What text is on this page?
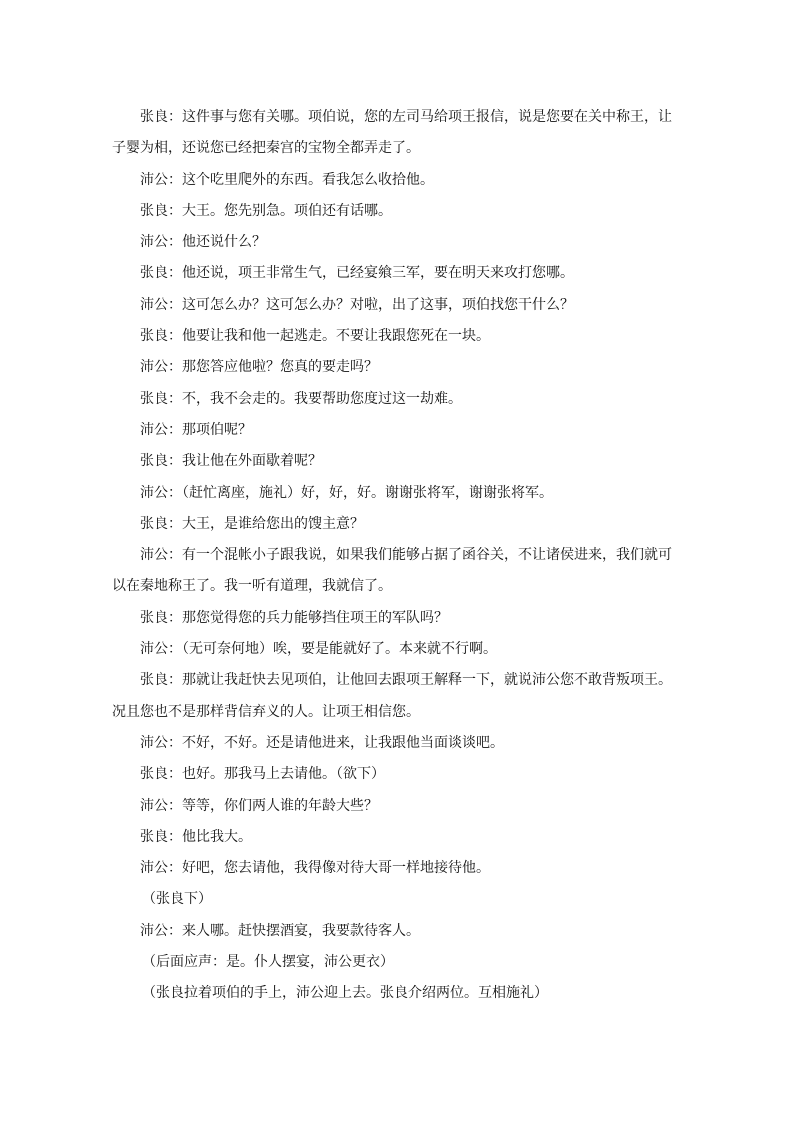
张良：这件事与您有关哪。项伯说，您的左司马给项王报信，说是您要在关中称王，让
子婴为相，还说您已经把秦宫的宝物全都弄走了。
沛公：这个吃里爬外的东西。看我怎么收拾他。
张良：大王。您先别急。项伯还有话哪。
沛公：他还说什么？
张良：他还说，项王非常生气，已经宴飨三军，要在明天来攻打您哪。
沛公：这可怎么办？这可怎么办？对啦，出了这事，项伯找您干什么？
张良：他要让我和他一起逃走。不要让我跟您死在一块。
沛公：那您答应他啦？您真的要走吗？
张良：不，我不会走的。我要帮助您度过这一劫难。
沛公：那项伯呢？
张良：我让他在外面歇着呢？
沛公：（赶忙离座，施礼）好，好，好。谢谢张将军，谢谢张将军。
张良：大王，是谁给您出的馊主意？
沛公：有一个混帐小子跟我说，如果我们能够占据了函谷关，不让诸侯进来，我们就可
以在秦地称王了。我一听有道理，我就信了。
张良：那您觉得您的兵力能够挡住项王的军队吗？
沛公：（无可奈何地）唉，要是能就好了。本来就不行啊。
张良：那就让我赶快去见项伯，让他回去跟项王解释一下，就说沛公您不敢背叛项王。
况且您也不是那样背信弃义的人。让项王相信您。
沛公：不好，不好。还是请他进来，让我跟他当面谈谈吧。
张良：也好。那我马上去请他。（欲下）
沛公：等等，你们两人谁的年龄大些？
张良：他比我大。
沛公：好吧，您去请他，我得像对待大哥一样地接待他。
（张良下）
沛公：来人哪。赶快摆酒宴，我要款待客人。
（后面应声：是。仆人摆宴，沛公更衣）
（张良拉着项伯的手上，沛公迎上去。张良介绍两位。互相施礼）
